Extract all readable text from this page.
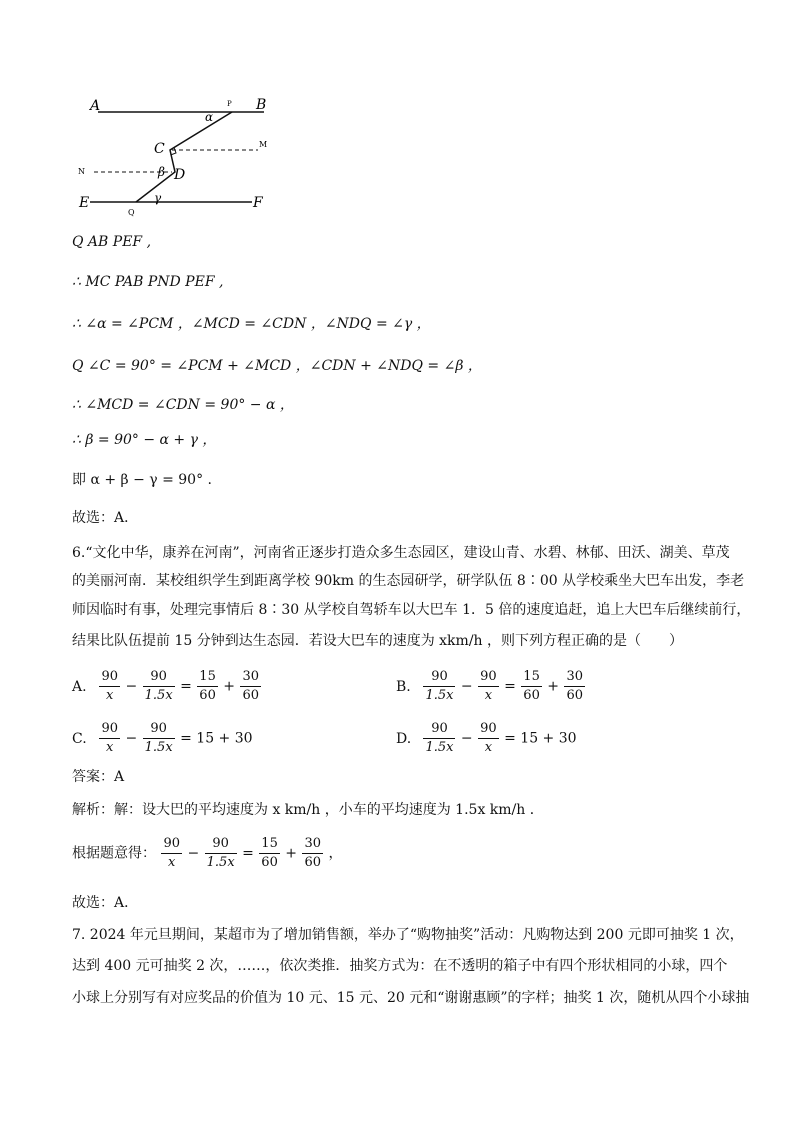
A	B
P
α
C	M
N	β D
E	F
Q
γ
Q AB PEF ,
∴ MC PAB PND PEF ,
∴ ∠α = ∠PCM ，∠MCD = ∠CDN ，∠NDQ = ∠γ ，
Q ∠C = 90° = ∠PCM + ∠MCD ，∠CDN + ∠NDQ = ∠β ，
∴ ∠MCD = ∠CDN = 90° − α ，
∴ β = 90° − α + γ ，
即 α + β − γ = 90° .
故选：A．
6.“文化中华，康养在河南”，河南省正逐步打造众多生态园区，建设山青、水碧、林郁、田沃、湖美、草茂
的美丽河南．某校组织学生到距离学校 90km 的生态园研学，研学队伍 8∶00 从学校乘坐大巴车出发，李老
师因临时有事，处理完事情后 8∶30 从学校自驾轿车以大巴车 1．5 倍的速度追赶，追上大巴车后继续前行，
结果比队伍提前 15 分钟到达生态园．若设大巴车的速度为 xkm/h ，则下列方程正确的是（　　）
A. $\frac{90}{x} - \frac{90}{1.5x} = \frac{15}{60} + \frac{30}{60}$	B. $\frac{90}{1.5x} - \frac{90}{x} = \frac{15}{60} + \frac{30}{60}$
C. $\frac{90}{x} - \frac{90}{1.5x} = 15 + 30$	D. $\frac{90}{1.5x} - \frac{90}{x} = 15 + 30$
答案：A
解析：解：设大巴的平均速度为 x km/h ，小车的平均速度为 1.5x km/h ．
根据题意得： $\frac{90}{x} - \frac{90}{1.5x} = \frac{15}{60} + \frac{30}{60}$ ，
故选：A．
7. 2024 年元旦期间，某超市为了增加销售额，举办了“购物抽奖”活动：凡购物达到 200 元即可抽奖 1 次，
达到 400 元可抽奖 2 次，……，依次类推．抽奖方式为：在不透明的箱子中有四个形状相同的小球，四个
小球上分别写有对应奖品的价值为 10 元、15 元、20 元和“谢谢惠顾”的字样；抽奖 1 次，随机从四个小球抽
